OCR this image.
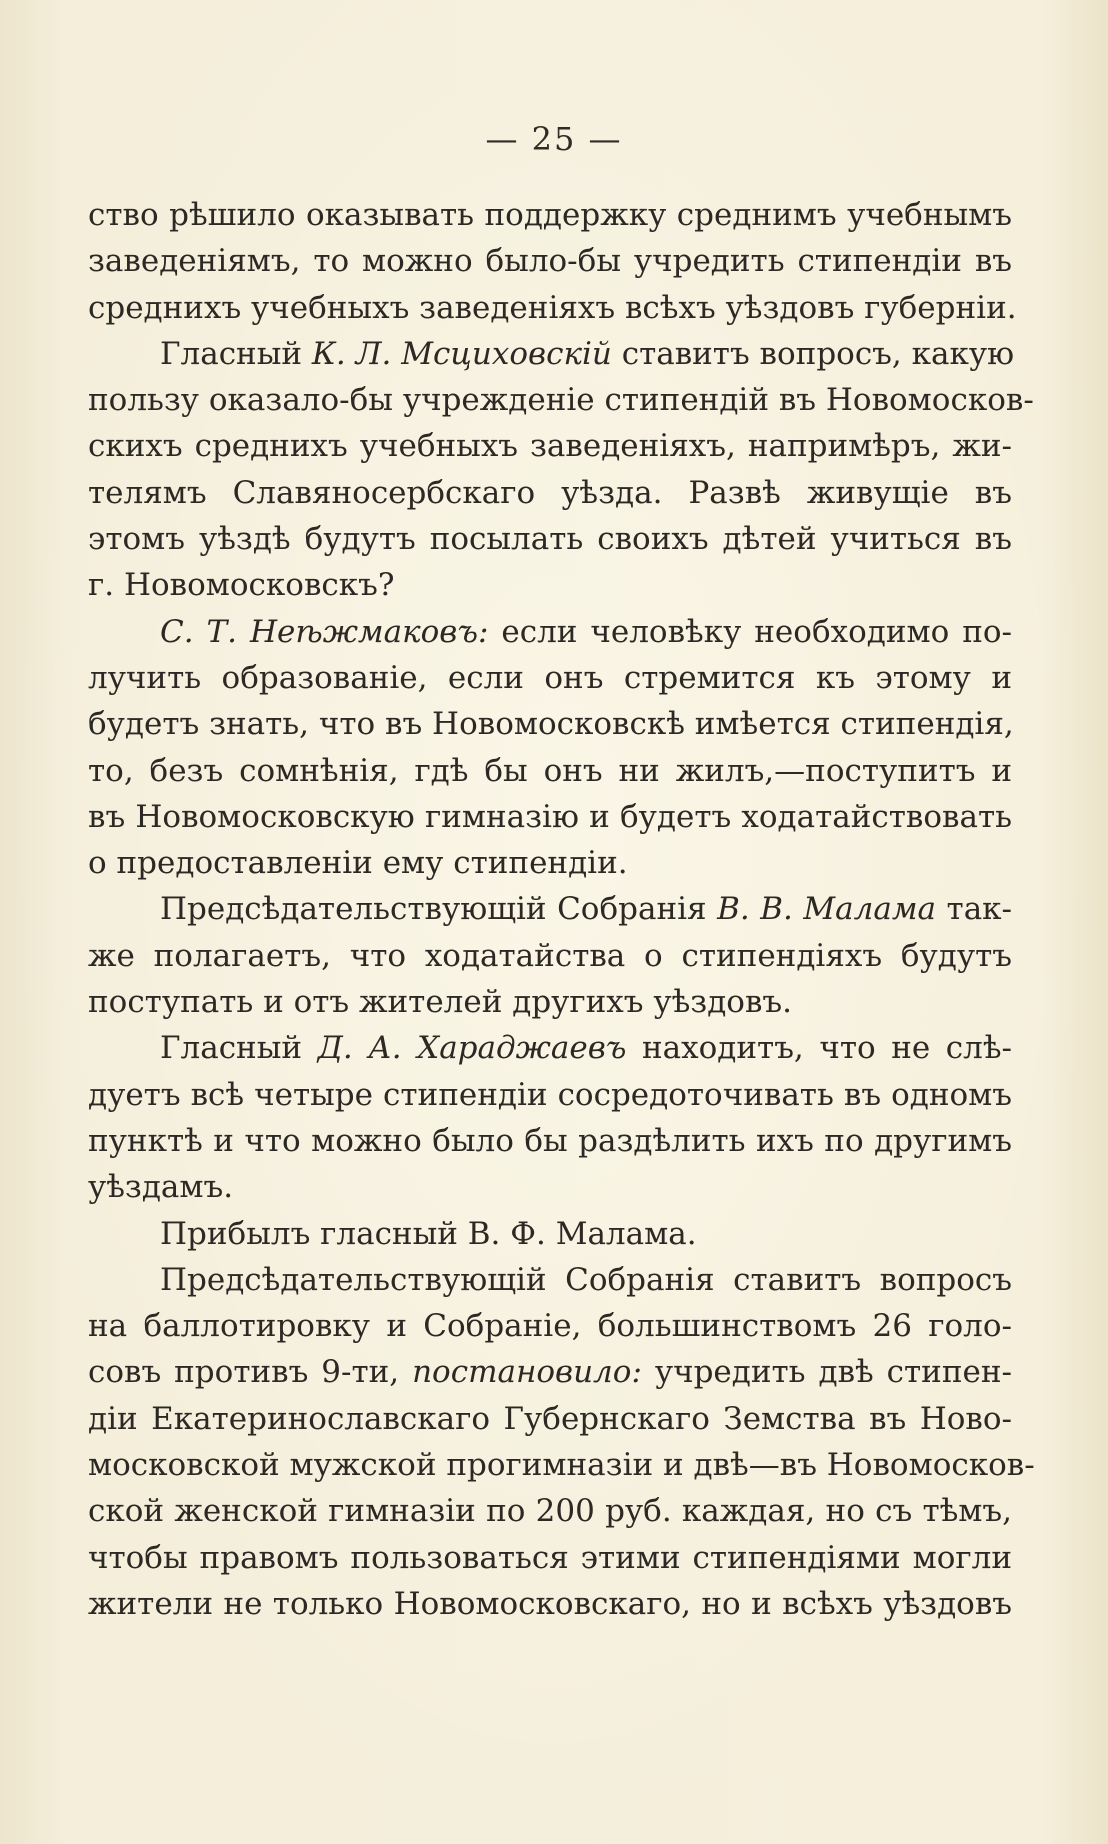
— 25 —
ство рѣшило оказывать поддержку среднимъ учебнымъ
заведеніямъ, то можно было-бы учредить стипендіи въ
среднихъ учебныхъ заведеніяхъ всѣхъ уѣздовъ губерніи.
Гласный К. Л. Мсциховскій ставитъ вопросъ, какую
пользу оказало-бы учрежденіе стипендій въ Новомосков-
скихъ среднихъ учебныхъ заведеніяхъ, напримѣръ, жи-
телямъ Славяносербскаго уѣзда. Развѣ живущіе въ
этомъ уѣздѣ будутъ посылать своихъ дѣтей учиться въ
г. Новомосковскъ?
С. Т. Неѣжмаковъ: если человѣку необходимо по-
лучить образованіе, если онъ стремится къ этому и
будетъ знать, что въ Новомосковскѣ имѣется стипендія,
то, безъ сомнѣнія, гдѣ бы онъ ни жилъ,—поступитъ и
въ Новомосковскую гимназію и будетъ ходатайствовать
о предоставленіи ему стипендіи.
Предсѣдательствующій Собранія В. В. Малама так-
же полагаетъ, что ходатайства о стипендіяхъ будутъ
поступать и отъ жителей другихъ уѣздовъ.
Гласный Д. А. Хараджаевъ находитъ, что не слѣ-
дуетъ всѣ четыре стипендіи сосредоточивать въ одномъ
пунктѣ и что можно было бы раздѣлить ихъ по другимъ
уѣздамъ.
Прибылъ гласный В. Ф. Малама.
Предсѣдательствующій Собранія ставитъ вопросъ
на баллотировку и Собраніе, большинствомъ 26 голо-
совъ противъ 9-ти, постановило: учредить двѣ стипен-
діи Екатеринославскаго Губернскаго Земства въ Ново-
московской мужской прогимназіи и двѣ—въ Новомосков-
ской женской гимназіи по 200 руб. каждая, но съ тѣмъ,
чтобы правомъ пользоваться этими стипендіями могли
жители не только Новомосковскаго, но и всѣхъ уѣздовъ
